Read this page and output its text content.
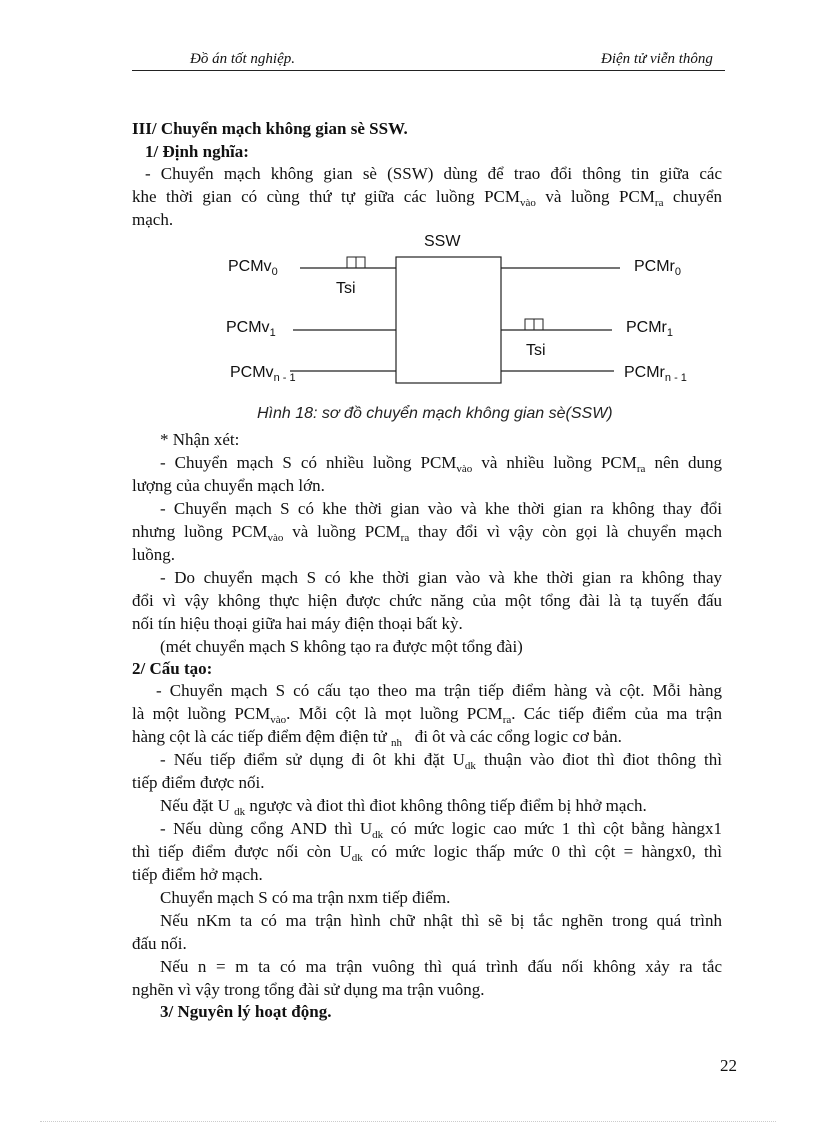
Đồ án tốt nghiệp.	Điện tử viễn thông
III/ Chuyển mạch không gian sè SSW.
1/ Định nghĩa:
- Chuyển mạch không gian sè (SSW) dùng để trao đổi thông tin giữa các
khe thời gian có cùng thứ tự giữa các luồng $PCM_{vào}$ và luồng $PCM_{ra}$ chuyển
mạch.
SSW
PCMv$_0$
PCMv$_1$
PCMv$_{n - 1}$
PCMr$_0$
PCMr$_1$
PCMr$_{n - 1}$
Tsi
Tsi
Hình 18: sơ đồ chuyển mạch không gian sè(SSW)
* Nhận xét:
- Chuyển mạch S có nhiều luồng $PCM_{vào}$ và nhiều luồng $PCM_{ra}$ nên dung
lượng của chuyển mạch lớn.
- Chuyển mạch S có khe thời gian vào và khe thời gian ra không thay đổi
nhưng luồng $PCM_{vào}$ và luồng $PCM_{ra}$ thay đổi vì vậy còn gọi là chuyển mạch
luồng.
- Do chuyển mạch S có khe thời gian vào và khe thời gian ra không thay
đổi vì vậy không thực hiện được chức năng của một tổng đài là tạ tuyến đấu
nối tín hiệu thoại giữa hai máy điện thoại bất kỳ.
(mét chuyển mạch S không tạo ra được một tổng đài)
2/ Cấu tạo:
- Chuyển mạch S có cấu tạo theo ma trận tiếp điểm hàng và cột. Mỗi hàng
là một luồng $PCM_{vào}$. Mỗi cột là mọt luồng $PCM_{ra}$. Các tiếp điểm của ma trận
hàng cột là các tiếp điểm đệm điện tử $_{nh}$ đi ôt và các cổng logic cơ bản.
- Nếu tiếp điểm sử dụng đi ôt khi đặt $U_{dk}$ thuận vào điot thì điot thông thì
tiếp điểm được nối.
Nếu đặt U $_{dk}$ ngược và điot thì điot không thông tiếp điểm bị hhở mạch.
- Nếu dùng cổng AND thì $U_{dk}$ có mức logic cao mức 1 thì cột bằng hàngx1
thì tiếp điểm được nối còn $U_{dk}$ có mức logic thấp mức 0 thì cột = hàngx0, thì
tiếp điểm hở mạch.
Chuyển mạch S có ma trận nxm tiếp điểm.
Nếu nKm ta có ma trận hình chữ nhật thì sẽ bị tắc nghẽn trong quá trình
đấu nối.
Nếu n = m ta có ma trận vuông thì quá trình đấu nối không xảy ra tắc
nghẽn vì vậy trong tổng đài sử dụng ma trận vuông.
3/ Nguyên lý hoạt động.
22
